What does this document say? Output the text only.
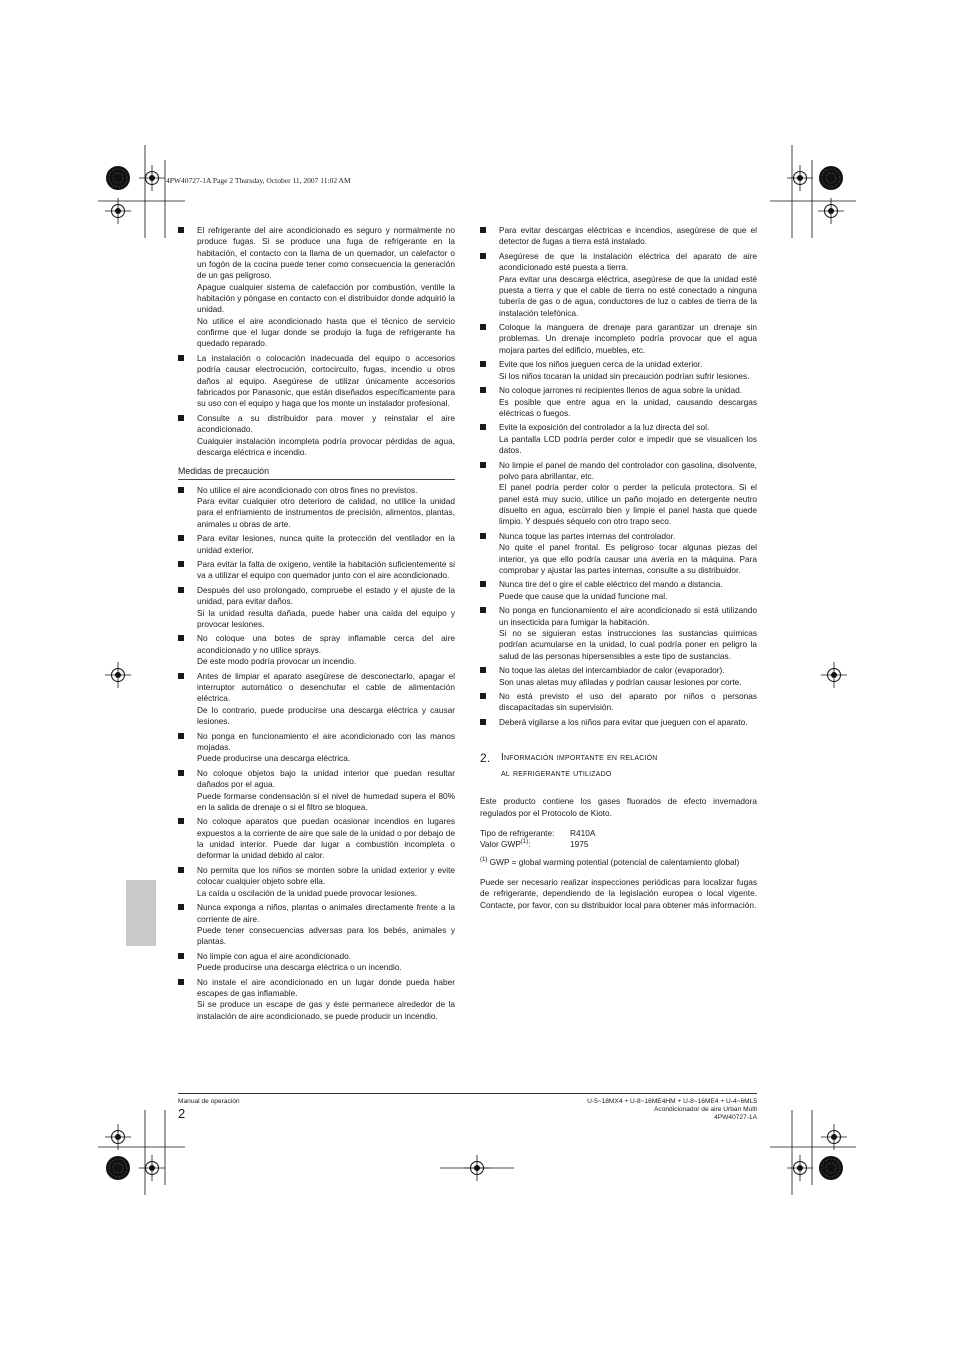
4PW40727-1A Page 2 Thursday, October 11, 2007 11:02 AM

El refrigerante del aire acondicionado es seguro y normalmente no produce fugas. Si se produce una fuga de refrigerante en la habitación, el contacto con la llama de un quemador, un calefactor o un fogón de la cocina puede tener como consecuencia la generación de un gas peligroso.

Apague cualquier sistema de calefacción por combustión, ventile la habitación y póngase en contacto con el distribuidor donde adquirió la unidad.

No utilice el aire acondicionado hasta que el técnico de servicio confirme que el lugar donde se produjo la fuga de refrigerante ha quedado reparado.

La instalación o colocación inadecuada del equipo o accesorios podría causar electrocución, cortocircuito, fugas, incendio u otros daños al equipo. Asegúrese de utilizar únicamente accesorios fabricados por Panasonic, que están diseñados específicamente para su uso con el equipo y haga que los monte un instalador profesional.

Consulte a su distribuidor para mover y reinstalar el aire acondicionado.

Cualquier instalación incompleta podría provocar pérdidas de agua, descarga eléctrica e incendio.

Medidas de precaución

No utilice el aire acondicionado con otros fines no previstos.

Para evitar cualquier otro deterioro de calidad, no utilice la unidad para el enfriamiento de instrumentos de precisión, alimentos, plantas, animales u obras de arte.

Para evitar lesiones, nunca quite la protección del ventilador en la unidad exterior.

Para evitar la falta de oxígeno, ventile la habitación suficientemente si va a utilizar el equipo con quemador junto con el aire acondicionado.

Después del uso prolongado, compruebe el estado y el ajuste de la unidad, para evitar daños.

Si la unidad resulta dañada, puede haber una caída del equipo y provocar lesiones.

No coloque una botes de spray inflamable cerca del aire acondicionado y no utilice sprays.

De este modo podría provocar un incendio.

Antes de limpiar el aparato asegúrese de desconectarlo, apagar el interruptor automático o desenchufar el cable de alimentación eléctrica.

De lo contrario, puede producirse una descarga eléctrica y causar lesiones.

No ponga en funcionamiento el aire acondicionado con las manos mojadas.

Puede producirse una descarga eléctrica.

No coloque objetos bajo la unidad interior que puedan resultar dañados por el agua.

Puede formarse condensación si el nivel de humedad supera el 80% en la salida de drenaje o si el filtro se bloquea.

No coloque aparatos que puedan ocasionar incendios en lugares expuestos a la corriente de aire que sale de la unidad o por debajo de la unidad interior. Puede dar lugar a combustión incompleta o deformar la unidad debido al calor.

No permita que los niños se monten sobre la unidad exterior y evite colocar cualquier objeto sobre ella.

La caída u oscilación de la unidad puede provocar lesiones.

Nunca exponga a niños, plantas o animales directamente frente a la corriente de aire.

Puede tener consecuencias adversas para los bebés, animales y plantas.

No limpie con agua el aire acondicionado.

Puede producirse una descarga eléctrica o un incendio.

No instale el aire acondicionado en un lugar donde pueda haber escapes de gas inflamable.

Si se produce un escape de gas y éste permanece alrededor de la instalación de aire acondicionado, se puede producir un incendio.

Para evitar descargas eléctricas e incendios, asegúrese de que el detector de fugas a tierra está instalado.

Asegúrese de que la instalación eléctrica del aparato de aire acondicionado esté puesta a tierra.

Para evitar una descarga eléctrica, asegúrese de que la unidad esté puesta a tierra y que el cable de tierra no esté conectado a ninguna tubería de gas o de agua, conductores de luz o cables de tierra de la instalación telefónica.

Coloque la manguera de drenaje para garantizar un drenaje sin problemas. Un drenaje incompleto podría provocar que el agua mojara partes del edificio, muebles, etc.

Evite que los niños jueguen cerca de la unidad exterior.

Si los niños tocaran la unidad sin precaución podrían sufrir lesiones.

No coloque jarrones ni recipientes llenos de agua sobre la unidad.

Es posible que entre agua en la unidad, causando descargas eléctricas o fuegos.

Evite la exposición del controlador a la luz directa del sol.

La pantalla LCD podría perder color e impedir que se visualicen los datos.

No limpie el panel de mando del controlador con gasolina, disolvente, polvo para abrillantar, etc.

El panel podría perder color o perder la película protectora. Si el panel está muy sucio, utilice un paño mojado en detergente neutro disuelto en agua, escúrralo bien y limpie el panel hasta que quede limpio. Y después séquelo con otro trapo seco.

Nunca toque las partes internas del controlador.

No quite el panel frontal. Es peligroso tocar algunas piezas del interior, ya que ello podría causar una avería en la máquina. Para comprobar y ajustar las partes internas, consulte a su distribuidor.

Nunca tire del o gire el cable eléctrico del mando a distancia.

Puede que cause que la unidad funcione mal.

No ponga en funcionamiento el aire acondicionado si está utilizando un insecticida para fumigar la habitación.

Si no se siguieran estas instrucciones las sustancias químicas podrían acumularse en la unidad, lo cual podría poner en peligro la salud de las personas hipersensibles a este tipo de sustancias.

No toque las aletas del intercambiador de calor (evaporador).

Son unas aletas muy afiladas y podrían causar lesiones por corte.

No está previsto el uso del aparato por niños o personas discapacitadas sin supervisión.

Deberá vigilarse a los niños para evitar que jueguen con el aparato.

2. Información importante en relación
al refrigerante utilizado

Este producto contiene los gases fluorados de efecto invernadora regulados por el Protocolo de Kioto.

Tipo de refrigerante:	R410A
Valor GWP$^{(1)}$:	1975

$^{(1)}$ GWP = global warming potential (potencial de calentamiento global)

Puede ser necesario realizar inspecciones periódicas para localizar fugas de refrigerante, dependiendo de la legislación europea o local vigente. Contacte, por favor, con su distribuidor local para obtener más información.

Manual de operación
2
U-5~18MX4 + U-8~16ME4HM + U-8~16ME4 + U-4~6ML5
Acondicionador de aire Urban Multi
4PW40727-1A
